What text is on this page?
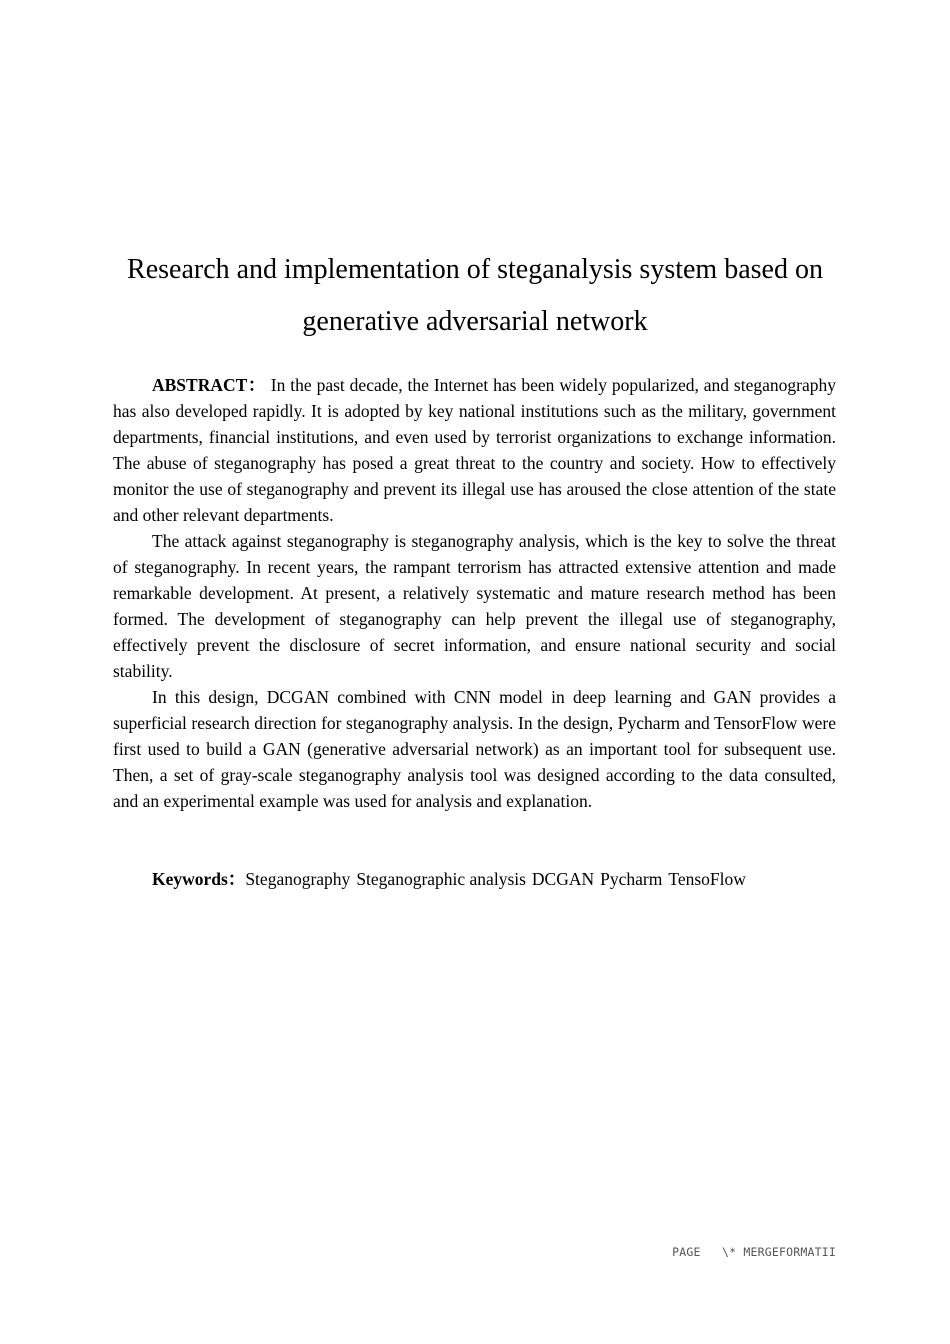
Research and implementation of steganalysis system based on generative adversarial network

ABSTRACT： In the past decade, the Internet has been widely popularized, and steganography has also developed rapidly. It is adopted by key national institutions such as the military, government departments, financial institutions, and even used by terrorist organizations to exchange information. The abuse of steganography has posed a great threat to the country and society. How to effectively monitor the use of steganography and prevent its illegal use has aroused the close attention of the state and other relevant departments.

The attack against steganography is steganography analysis, which is the key to solve the threat of steganography. In recent years, the rampant terrorism has attracted extensive attention and made remarkable development. At present, a relatively systematic and mature research method has been formed. The development of steganography can help prevent the illegal use of steganography, effectively prevent the disclosure of secret information, and ensure national security and social stability.

In this design, DCGAN combined with CNN model in deep learning and GAN provides a superficial research direction for steganography analysis. In the design, Pycharm and TensorFlow were first used to build a GAN (generative adversarial network) as an important tool for subsequent use. Then, a set of gray-scale steganography analysis tool was designed according to the data consulted, and an experimental example was used for analysis and explanation.

Keywords：Steganography Steganographic analysis DCGAN Pycharm TensoFlow

PAGE   \* MERGEFORMATII
